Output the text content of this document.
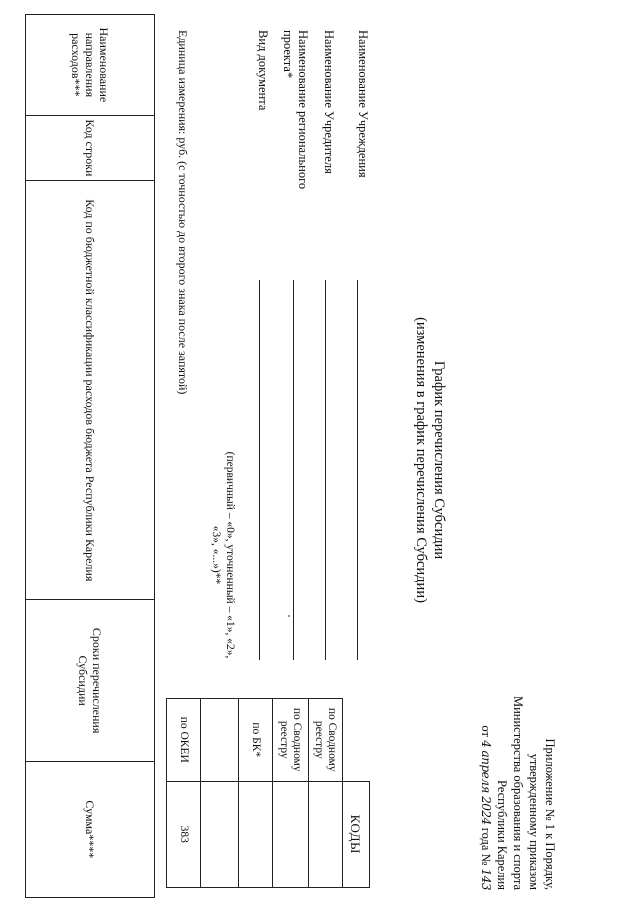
Приложение № 1 к Порядку,
утвержденному приказом
Министерства образования и спорта
Республики Карелия
от 4 апреля 2024 года № 143
График перечисления Субсидии
(изменения в график перечисления Субсидии)
	КОДЫ
по Сводному реестру	
по Сводному реестру	
по БК*	

по ОКЕИ	383
Наименование Учреждения
Наименование Учредителя
Наименование регионального проекта*
Вид документа
(первичный – «0», уточненный – «1», «2», «3», «...»)**
Единица измерения: руб. (с точностью до второго знака после запятой)
Наименование направления расходов***	Код строки	Код по бюджетной классификации расходов бюджета Республики Карелия	Сроки перечисления Субсидии	Сумма****
